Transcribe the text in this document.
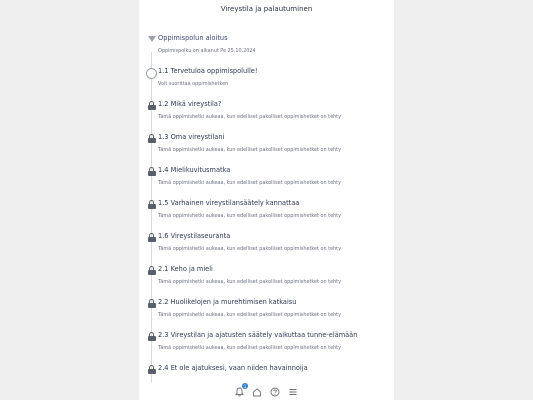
Vireystila ja palautuminen
Oppimispolun aloitus
Oppimispolku on alkanut Pe 25.10.2024
1.1 Tervetuloa oppimispolulle!
Voit suorittaa oppimishetken
1.2 Mikä vireystila?
Tämä oppimishetki aukeaa, kun edelliset pakolliset oppimishetket on tehty
1.3 Oma vireystilani
Tämä oppimishetki aukeaa, kun edelliset pakolliset oppimishetket on tehty
1.4 Mielikuvitusmatka
Tämä oppimishetki aukeaa, kun edelliset pakolliset oppimishetket on tehty
1.5 Varhainen vireystilansäätely kannattaa
Tämä oppimishetki aukeaa, kun edelliset pakolliset oppimishetket on tehty
1.6 Vireystilaseuranta
Tämä oppimishetki aukeaa, kun edelliset pakolliset oppimishetket on tehty
2.1 Keho ja mieli
Tämä oppimishetki aukeaa, kun edelliset pakolliset oppimishetket on tehty
2.2 Huolikelojen ja murehtimisen katkaisu
Tämä oppimishetki aukeaa, kun edelliset pakolliset oppimishetket on tehty
2.3 Vireystilan ja ajatusten säätely vaikuttaa tunne-elämään
Tämä oppimishetki aukeaa, kun edelliset pakolliset oppimishetket on tehty
2.4 Et ole ajatuksesi, vaan niiden havainnoija
1
